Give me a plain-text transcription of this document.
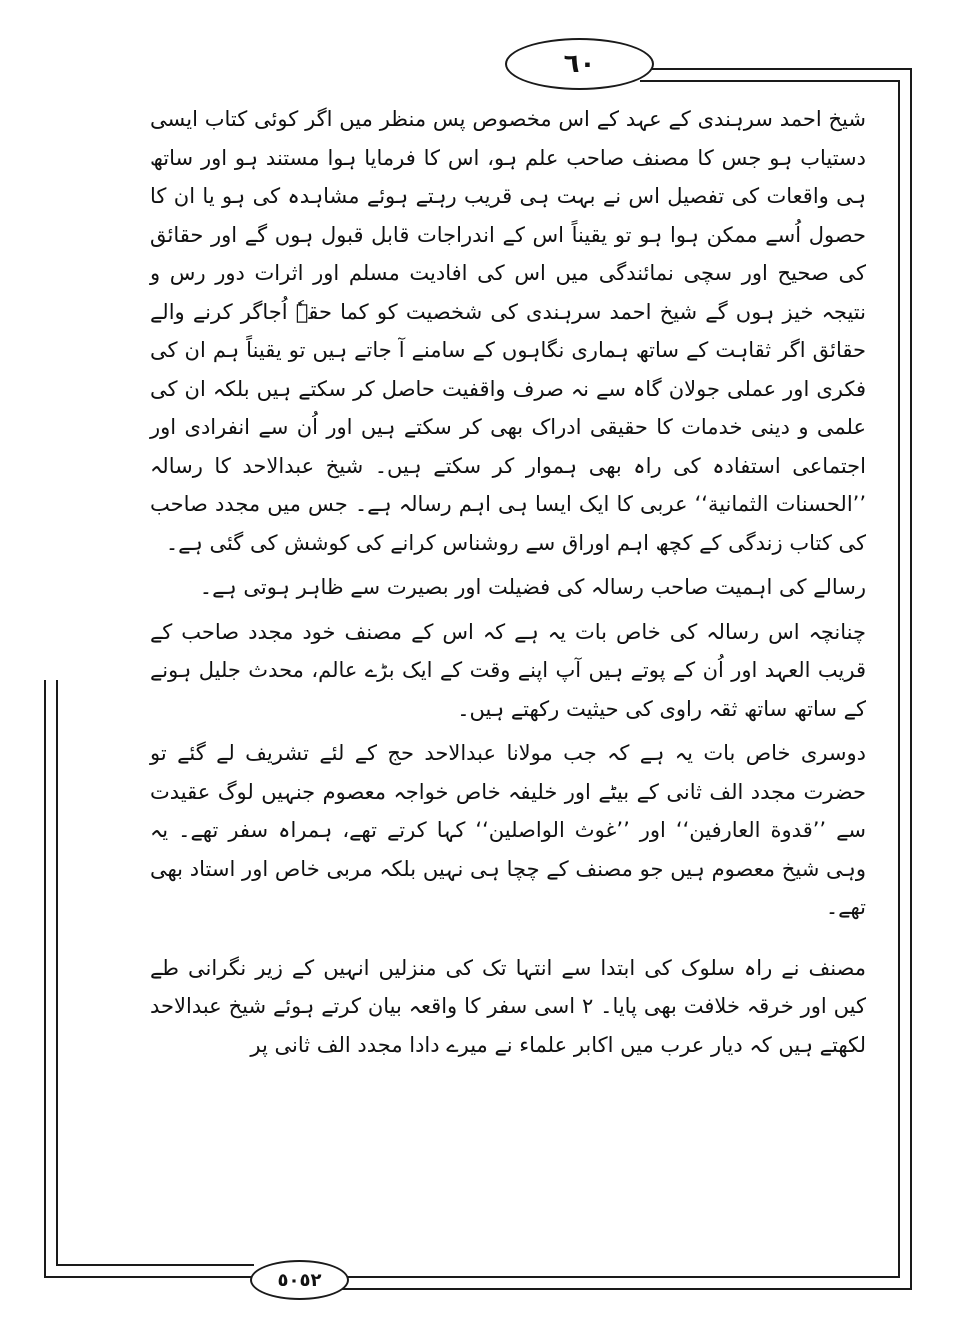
٦٠
٥٠٥٢

شیخ احمد سرہندی کے عہد کے اس مخصوص پس منظر میں اگر کوئی کتاب ایسی دستیاب ہو جس کا مصنف صاحب علم ہو، اس کا فرمایا ہوا مستند ہو اور ساتھ ہی واقعات کی تفصیل اس نے بہت ہی قریب رہتے ہوئے مشاہدہ کی ہو یا ان کا حصول اُسے ممکن ہوا ہو تو یقیناً اس کے اندراجات قابل قبول ہوں گے اور حقائق کی صحیح اور سچی نمائندگی میں اس کی افادیت مسلم اور اثرات دور رس و نتیجہ خیز ہوں گے شیخ احمد سرہندی کی شخصیت کو کما حقہٗ اُجاگر کرنے والے حقائق اگر ثقاہت کے ساتھ ہماری نگاہوں کے سامنے آ جاتے ہیں تو یقیناً ہم ان کی فکری اور عملی جولان گاہ سے نہ صرف واقفیت حاصل کر سکتے ہیں بلکہ ان کی علمی و دینی خدمات کا حقیقی ادراک بھی کر سکتے ہیں اور اُن سے انفرادی اور اجتماعی استفادہ کی راہ بھی ہموار کر سکتے ہیں۔ شیخ عبدالاحد کا رسالہ ’’الحسنات الثمانیة‘‘ عربی کا ایک ایسا ہی اہم رسالہ ہے۔ جس میں مجدد صاحب کی کتاب زندگی کے کچھ اہم اوراق سے روشناس کرانے کی کوشش کی گئی ہے۔

رسالے کی اہمیت صاحب رسالہ کی فضیلت اور بصیرت سے ظاہر ہوتی ہے۔

چنانچہ اس رسالہ کی خاص بات یہ ہے کہ اس کے مصنف خود مجدد صاحب کے قریب العہد اور اُن کے پوتے ہیں آپ اپنے وقت کے ایک بڑے عالم، محدث جلیل ہونے کے ساتھ ساتھ ثقہ راوی کی حیثیت رکھتے ہیں۔

دوسری خاص بات یہ ہے کہ جب مولانا عبدالاحد حج کے لئے تشریف لے گئے تو حضرت مجدد الف ثانی کے بیٹے اور خلیفہ خاص خواجہ معصوم جنہیں لوگ عقیدت سے ’’قدوة العارفین‘‘ اور ’’غوث الواصلین‘‘ کہا کرتے تھے، ہمراہ سفر تھے۔ یہ وہی شیخ معصوم ہیں جو مصنف کے چچا ہی نہیں بلکہ مربی خاص اور استاد بھی تھے۔

مصنف نے راہ سلوک کی ابتدا سے انتہا تک کی منزلیں انہیں کے زیر نگرانی طے کیں اور خرقہ خلافت بھی پایا۔ ۲ اسی سفر کا واقعہ بیان کرتے ہوئے شیخ عبدالاحد لکھتے ہیں کہ دیار عرب میں اکابر علماء نے میرے دادا مجدد الف ثانی پر
